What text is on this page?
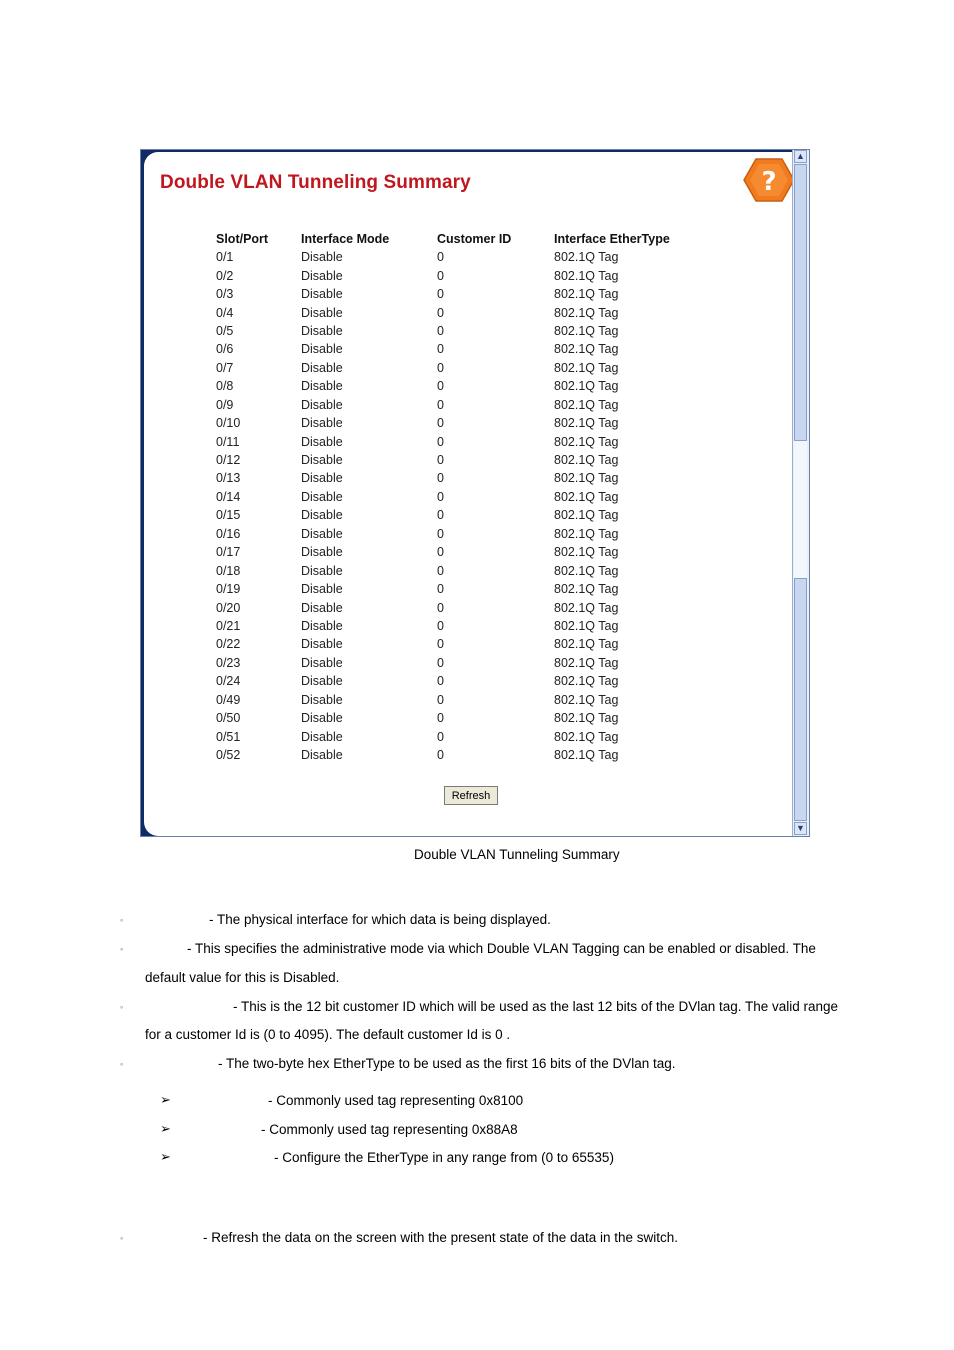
Double VLAN Tunneling Summary	?
Slot/Port	Interface Mode	Customer ID	Interface EtherType
0/1	Disable	0	802.1Q Tag
0/2	Disable	0	802.1Q Tag
0/3	Disable	0	802.1Q Tag
0/4	Disable	0	802.1Q Tag
0/5	Disable	0	802.1Q Tag
0/6	Disable	0	802.1Q Tag
0/7	Disable	0	802.1Q Tag
0/8	Disable	0	802.1Q Tag
0/9	Disable	0	802.1Q Tag
0/10	Disable	0	802.1Q Tag
0/11	Disable	0	802.1Q Tag
0/12	Disable	0	802.1Q Tag
0/13	Disable	0	802.1Q Tag
0/14	Disable	0	802.1Q Tag
0/15	Disable	0	802.1Q Tag
0/16	Disable	0	802.1Q Tag
0/17	Disable	0	802.1Q Tag
0/18	Disable	0	802.1Q Tag
0/19	Disable	0	802.1Q Tag
0/20	Disable	0	802.1Q Tag
0/21	Disable	0	802.1Q Tag
0/22	Disable	0	802.1Q Tag
0/23	Disable	0	802.1Q Tag
0/24	Disable	0	802.1Q Tag
0/49	Disable	0	802.1Q Tag
0/50	Disable	0	802.1Q Tag
0/51	Disable	0	802.1Q Tag
0/52	Disable	0	802.1Q Tag
Refresh
▲
▼
Double VLAN Tunneling Summary
◦	- The physical interface for which data is being displayed.
◦	- This specifies the administrative mode via which Double VLAN Tagging can be enabled or disabled. The
default value for this is Disabled.
◦	- This is the 12 bit customer ID which will be used as the last 12 bits of the DVlan tag. The valid range
for a customer Id is (0 to 4095). The default customer Id is 0 .
◦	- The two-byte hex EtherType to be used as the first 16 bits of the DVlan tag.
➢	- Commonly used tag representing 0x8100
➢	- Commonly used tag representing 0x88A8
➢	- Configure the EtherType in any range from (0 to 65535)
◦	- Refresh the data on the screen with the present state of the data in the switch.
